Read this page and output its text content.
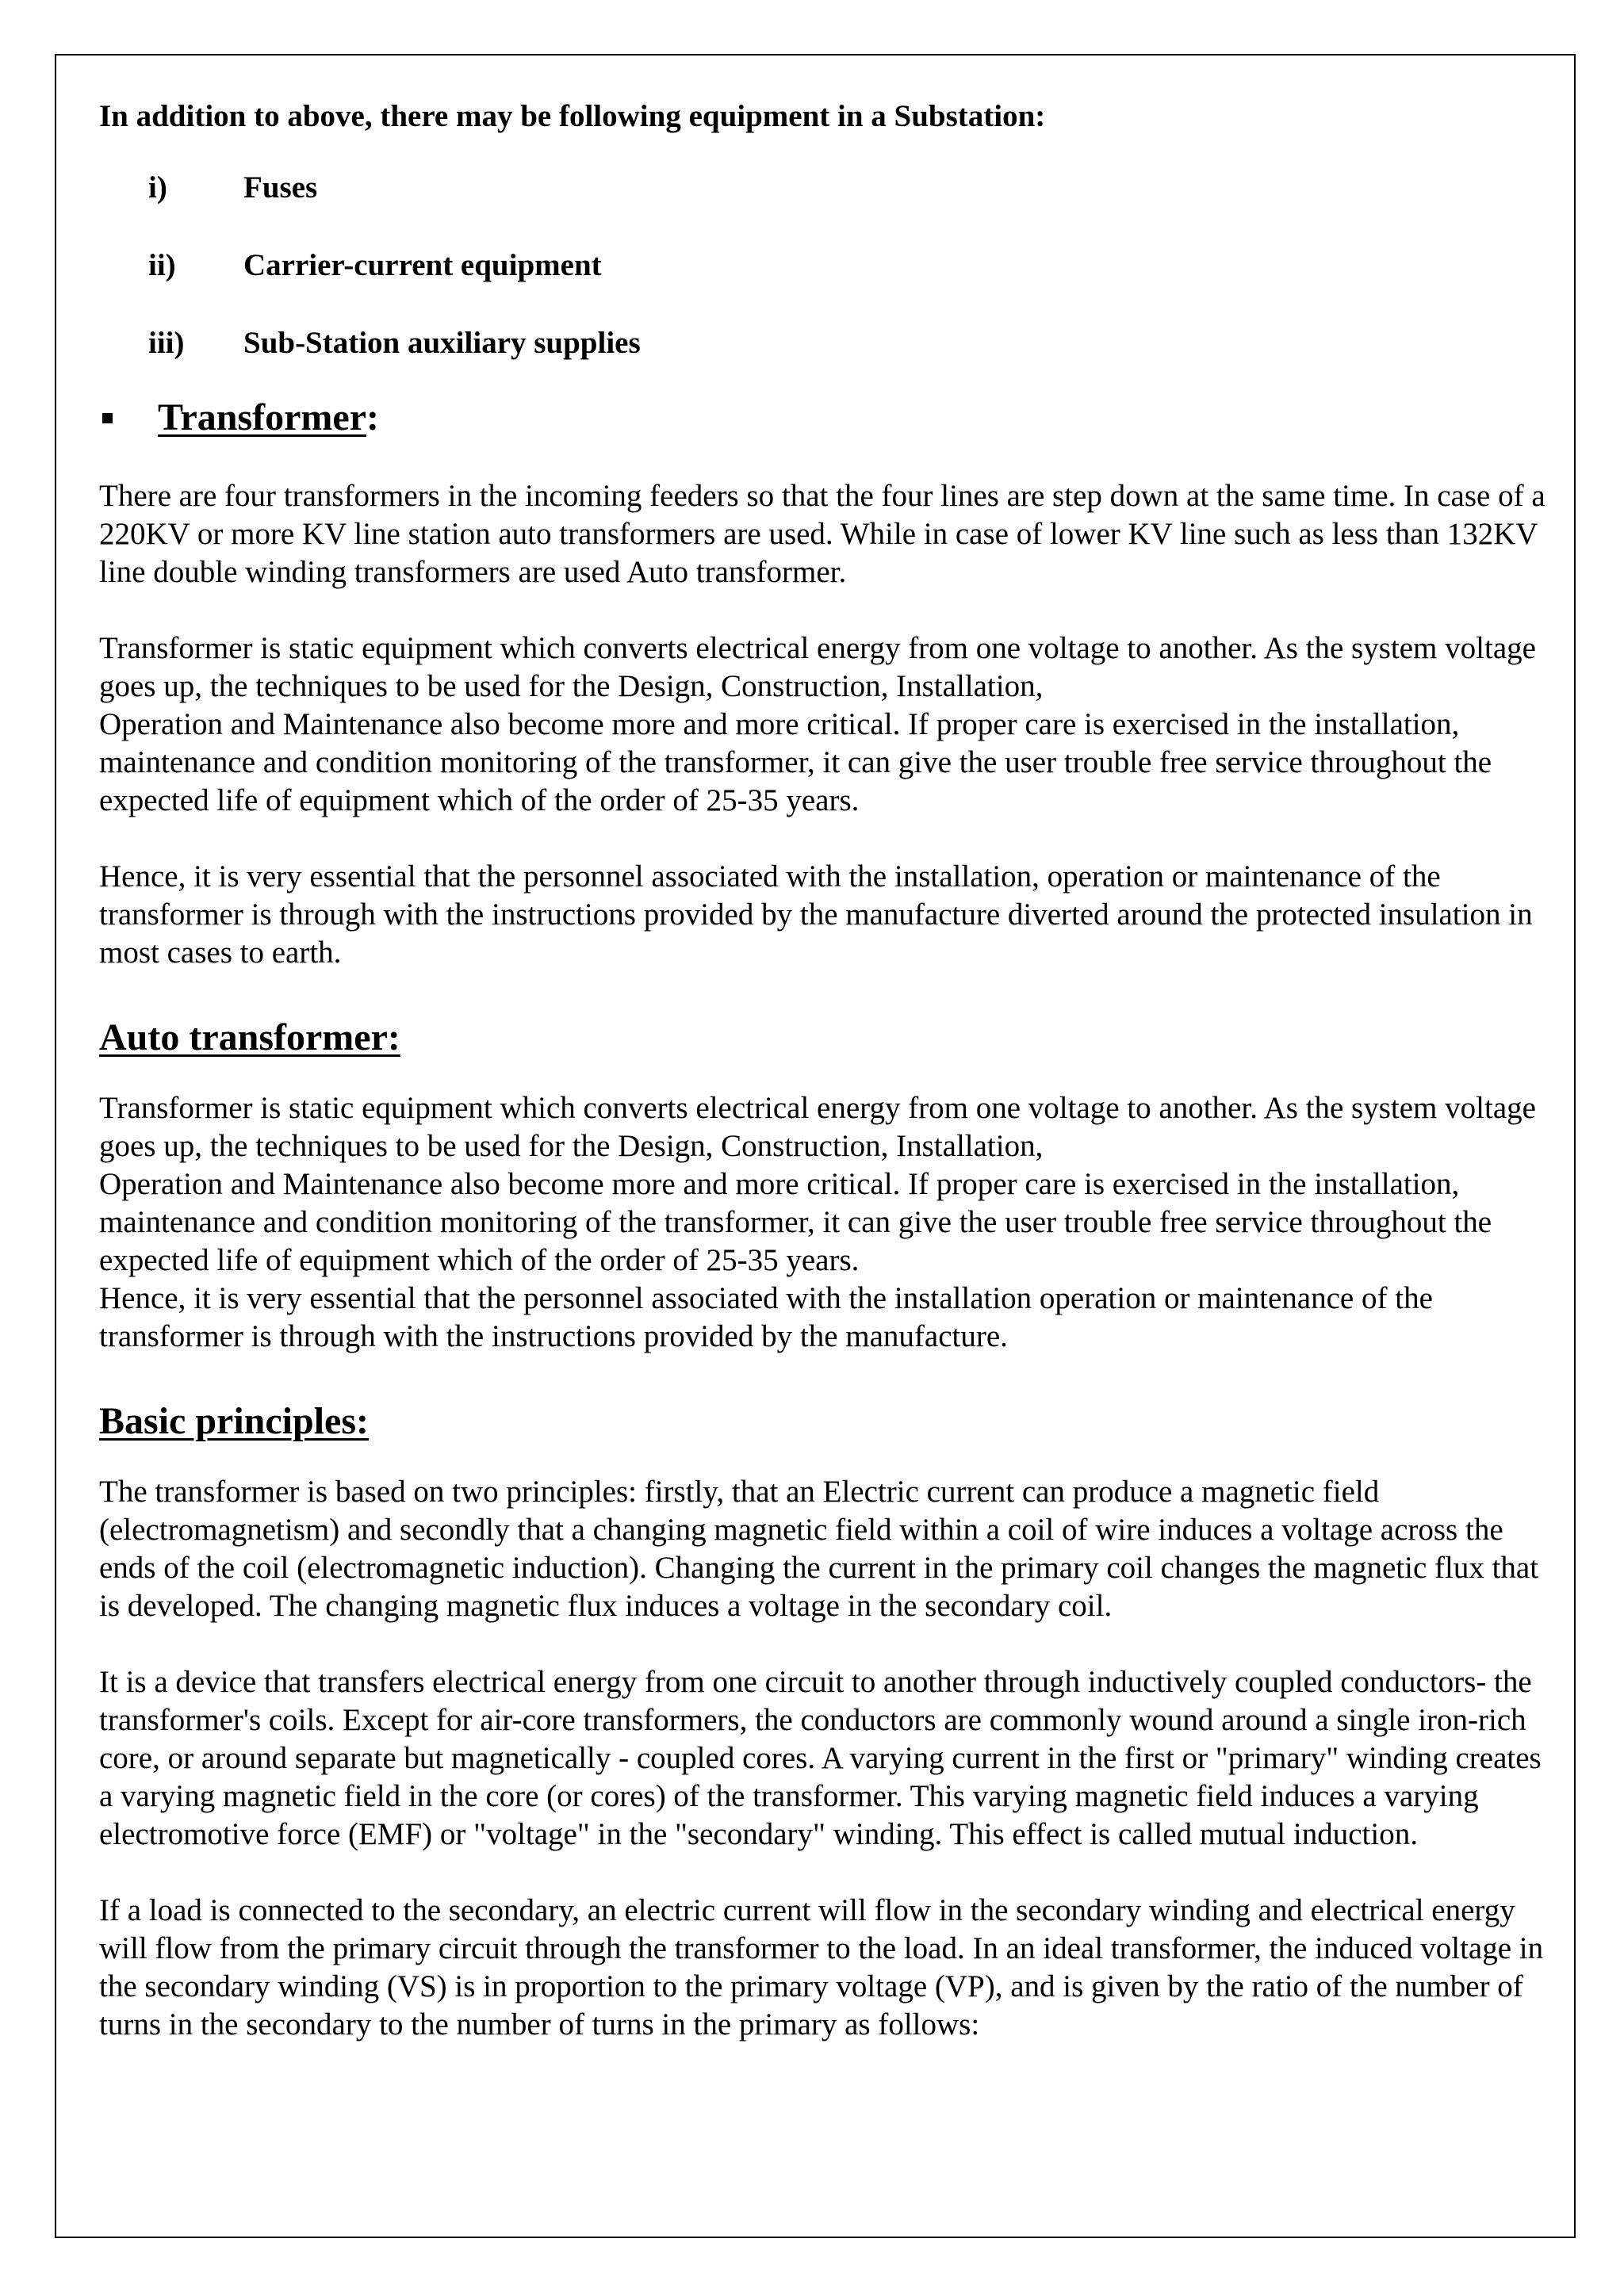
In addition to above, there may be following equipment in a Substation:

i)	Fuses
ii)	Carrier-current equipment
iii)	Sub-Station auxiliary supplies
Transformer :

There are four transformers in the incoming feeders so that the four lines are step down at the same time. In case of a 220KV or more KV line station auto transformers are used. While in case of lower KV line such as less than 132KV line double winding transformers are used Auto transformer.

Transformer is static equipment which converts electrical energy from one voltage to another. As the system voltage goes up, the techniques to be used for the Design, Construction, Installation,

Operation and Maintenance also become more and more critical. If proper care is exercised in the installation, maintenance and condition monitoring of the transformer, it can give the user trouble free service throughout the expected life of equipment which of the order of 25-35 years.

Hence, it is very essential that the personnel associated with the installation, operation or maintenance of the transformer is through with the instructions provided by the manufacture diverted around the protected insulation in most cases to earth.

Auto transformer:

Transformer is static equipment which converts electrical energy from one voltage to another. As the system voltage goes up, the techniques to be used for the Design, Construction, Installation,

Operation and Maintenance also become more and more critical. If proper care is exercised in the installation, maintenance and condition monitoring of the transformer, it can give the user trouble free service throughout the expected life of equipment which of the order of 25-35 years.

Hence, it is very essential that the personnel associated with the installation operation or maintenance of the transformer is through with the instructions provided by the manufacture.

Basic principles:

The transformer is based on two principles: firstly, that an Electric current can produce a magnetic field (electromagnetism) and secondly that a changing magnetic field within a coil of wire induces a voltage across the ends of the coil (electromagnetic induction). Changing the current in the primary coil changes the magnetic flux that is developed. The changing magnetic flux induces a voltage in the secondary coil.

It is a device that transfers electrical energy from one circuit to another through inductively coupled conductors- the transformer's coils. Except for air-core transformers, the conductors are commonly wound around a single iron-rich core, or around separate but magnetically - coupled cores. A varying current in the first or "primary" winding creates a varying magnetic field in the core (or cores) of the transformer. This varying magnetic field induces a varying electromotive force (EMF) or "voltage" in the "secondary" winding. This effect is called mutual induction.

If a load is connected to the secondary, an electric current will flow in the secondary winding and electrical energy will flow from the primary circuit through the transformer to the load. In an ideal transformer, the induced voltage in the secondary winding (VS) is in proportion to the primary voltage (VP), and is given by the ratio of the number of turns in the secondary to the number of turns in the primary as follows:
